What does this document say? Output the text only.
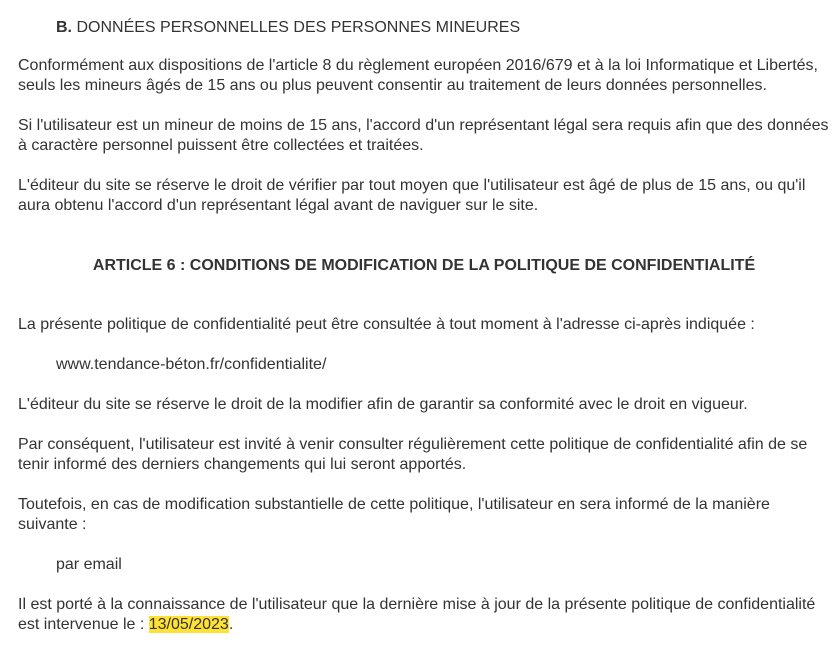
B. DONNÉES PERSONNELLES DES PERSONNES MINEURES

Conformément aux dispositions de l'article 8 du règlement européen 2016/679 et à la loi Informatique et Libertés, seuls les mineurs âgés de 15 ans ou plus peuvent consentir au traitement de leurs données personnelles.

Si l'utilisateur est un mineur de moins de 15 ans, l'accord d'un représentant légal sera requis afin que des données à caractère personnel puissent être collectées et traitées.

L'éditeur du site se réserve le droit de vérifier par tout moyen que l'utilisateur est âgé de plus de 15 ans, ou qu'il aura obtenu l'accord d'un représentant légal avant de naviguer sur le site.

ARTICLE 6 : CONDITIONS DE MODIFICATION DE LA POLITIQUE DE CONFIDENTIALITÉ

La présente politique de confidentialité peut être consultée à tout moment à l'adresse ci-après indiquée :

www.tendance-béton.fr/confidentialite/

L'éditeur du site se réserve le droit de la modifier afin de garantir sa conformité avec le droit en vigueur.

Par conséquent, l'utilisateur est invité à venir consulter régulièrement cette politique de confidentialité afin de se tenir informé des derniers changements qui lui seront apportés.

Toutefois, en cas de modification substantielle de cette politique, l'utilisateur en sera informé de la manière suivante :

par email

Il est porté à la connaissance de l'utilisateur que la dernière mise à jour de la présente politique de confidentialité est intervenue le : 13/05/2023.
